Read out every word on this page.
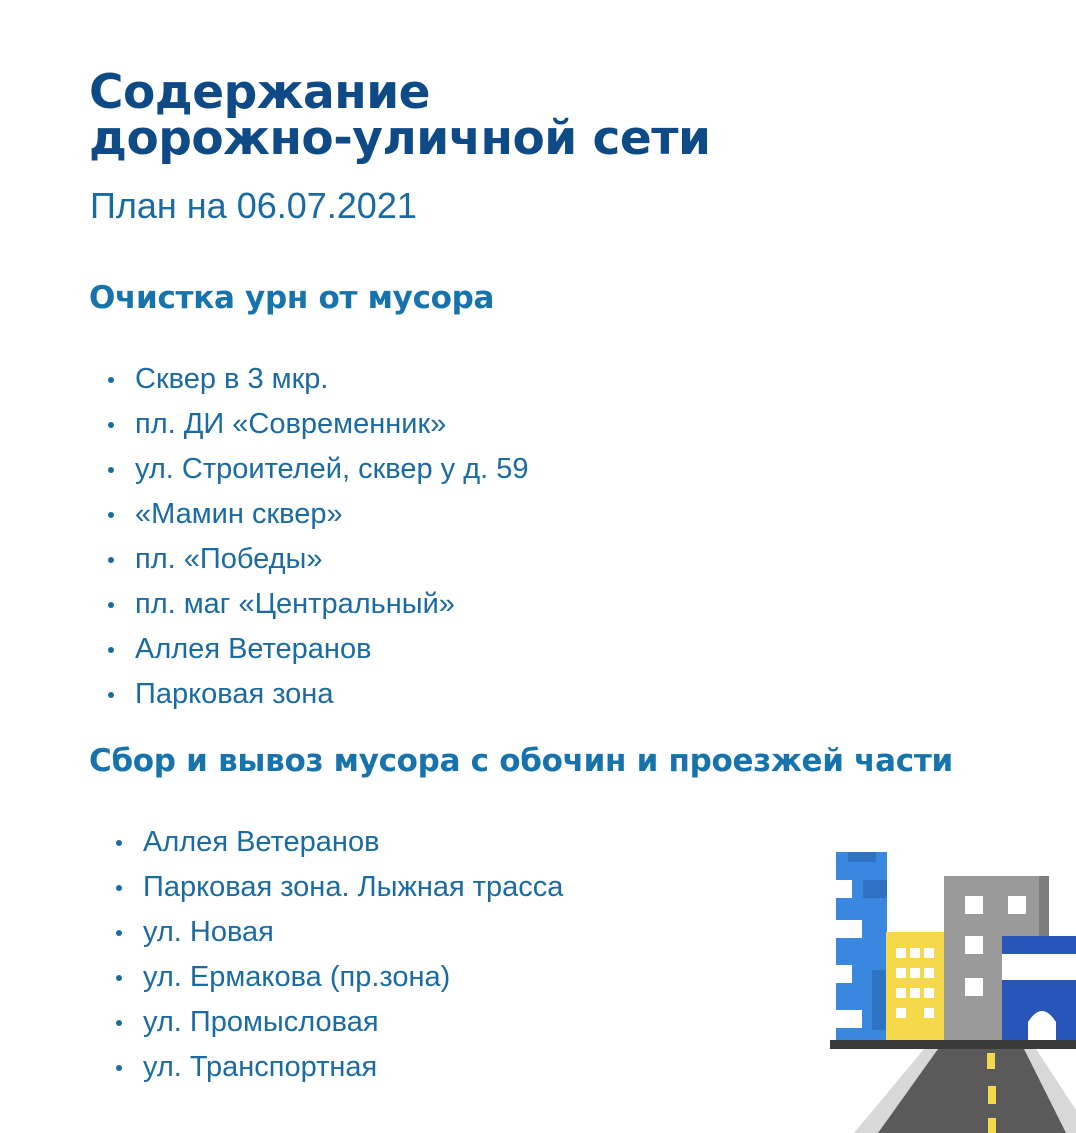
Содержание
дорожно-уличной сети
План на 06.07.2021
Очистка урн от мусора
Сквер в 3 мкр.
пл. ДИ «Современник»
ул. Строителей, сквер у д. 59
«Мамин сквер»
пл. «Победы»
пл. маг «Центральный»
Аллея Ветеранов
Парковая зона
Сбор и вывоз мусора с обочин и проезжей части
Аллея Ветеранов
Парковая зона. Лыжная трасса
ул. Новая
ул. Ермакова (пр.зона)
ул. Промысловая
ул. Транспортная
